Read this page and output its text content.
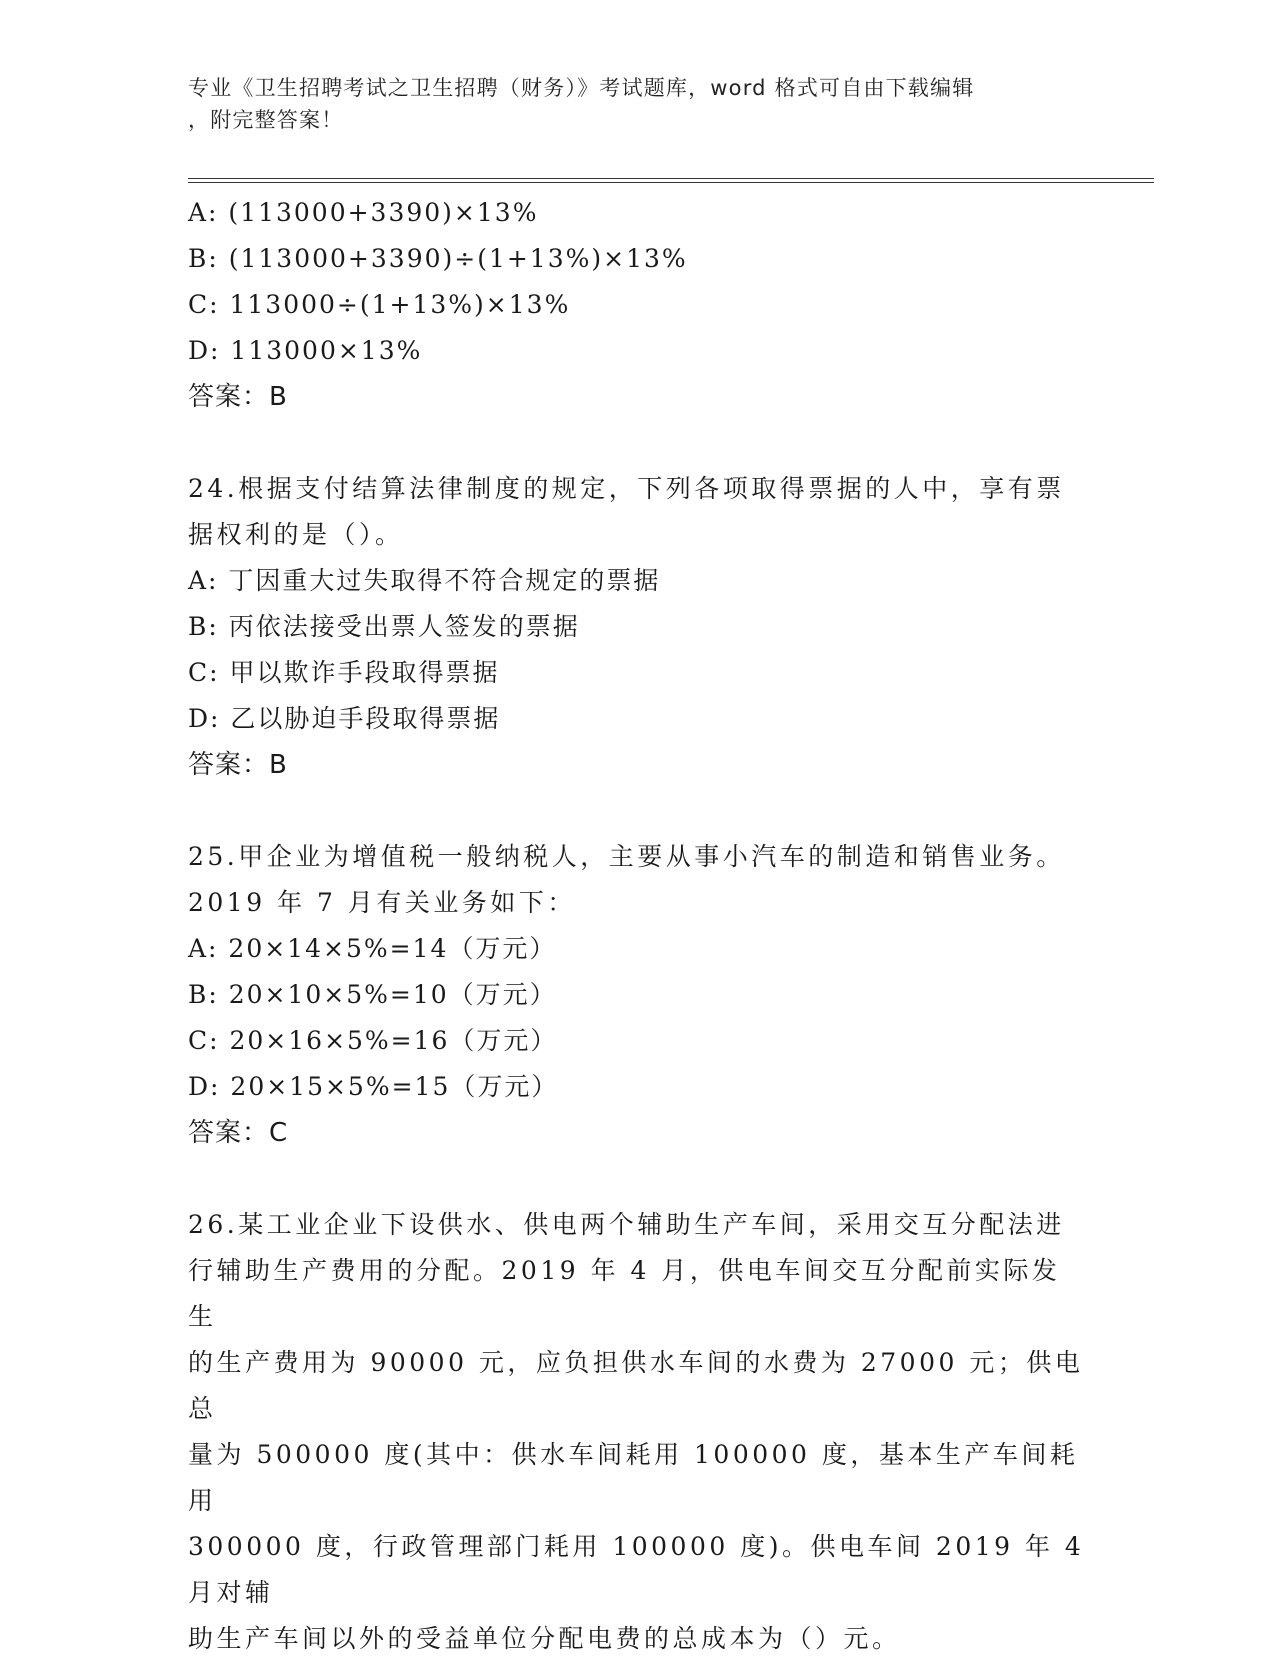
专业《卫生招聘考试之卫生招聘（财务）》考试题库，word 格式可自由下载编辑
，附完整答案！
A: (113000+3390)×13%
B: (113000+3390)÷(1+13%)×13%
C: 113000÷(1+13%)×13%
D: 113000×13%
答案：B
24.根据支付结算法律制度的规定，下列各项取得票据的人中，享有票
据权利的是（）。
A: 丁因重大过失取得不符合规定的票据
B: 丙依法接受出票人签发的票据
C: 甲以欺诈手段取得票据
D: 乙以胁迫手段取得票据
答案：B
25.甲企业为增值税一般纳税人，主要从事小汽车的制造和销售业务。
2019 年 7 月有关业务如下：
A: 20×14×5%=14（万元）
B: 20×10×5%=10（万元）
C: 20×16×5%=16（万元）
D: 20×15×5%=15（万元）
答案：C
26.某工业企业下设供水、供电两个辅助生产车间，采用交互分配法进
行辅助生产费用的分配。2019 年 4 月，供电车间交互分配前实际发生
的生产费用为 90000 元，应负担供水车间的水费为 27000 元；供电总
量为 500000 度(其中：供水车间耗用 100000 度，基本生产车间耗用
300000 度，行政管理部门耗用 100000 度)。供电车间 2019 年 4 月对辅
助生产车间以外的受益单位分配电费的总成本为（）元。
